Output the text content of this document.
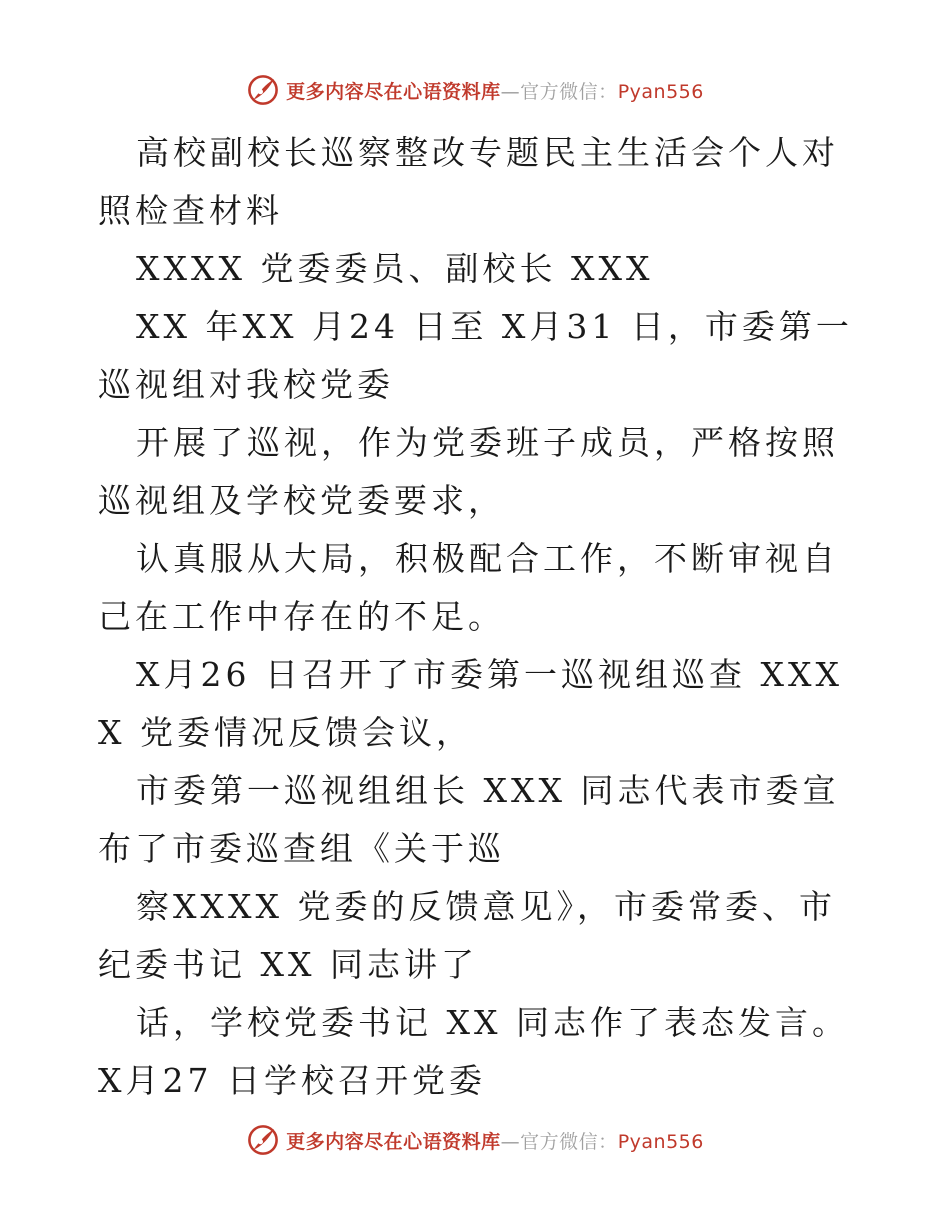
更多内容尽在心语资料库—官方微信：Pyan556

高校副校长巡察整改专题民主生活会个人对照检查材料

XXXX 党委委员、副校长 XXX

XX 年XX 月24 日至 X月31 日，市委第一巡视组对我校党委

开展了巡视，作为党委班子成员，严格按照巡视组及学校党委要求，

认真服从大局，积极配合工作，不断审视自己在工作中存在的不足。

X月26 日召开了市委第一巡视组巡查 XXXX 党委情况反馈会议，

市委第一巡视组组长 XXX 同志代表市委宣布了市委巡查组《关于巡

察XXXX 党委的反馈意见》，市委常委、市纪委书记 XX 同志讲了

话，学校党委书记 XX 同志作了表态发言。X月27 日学校召开党委

更多内容尽在心语资料库—官方微信：Pyan556
